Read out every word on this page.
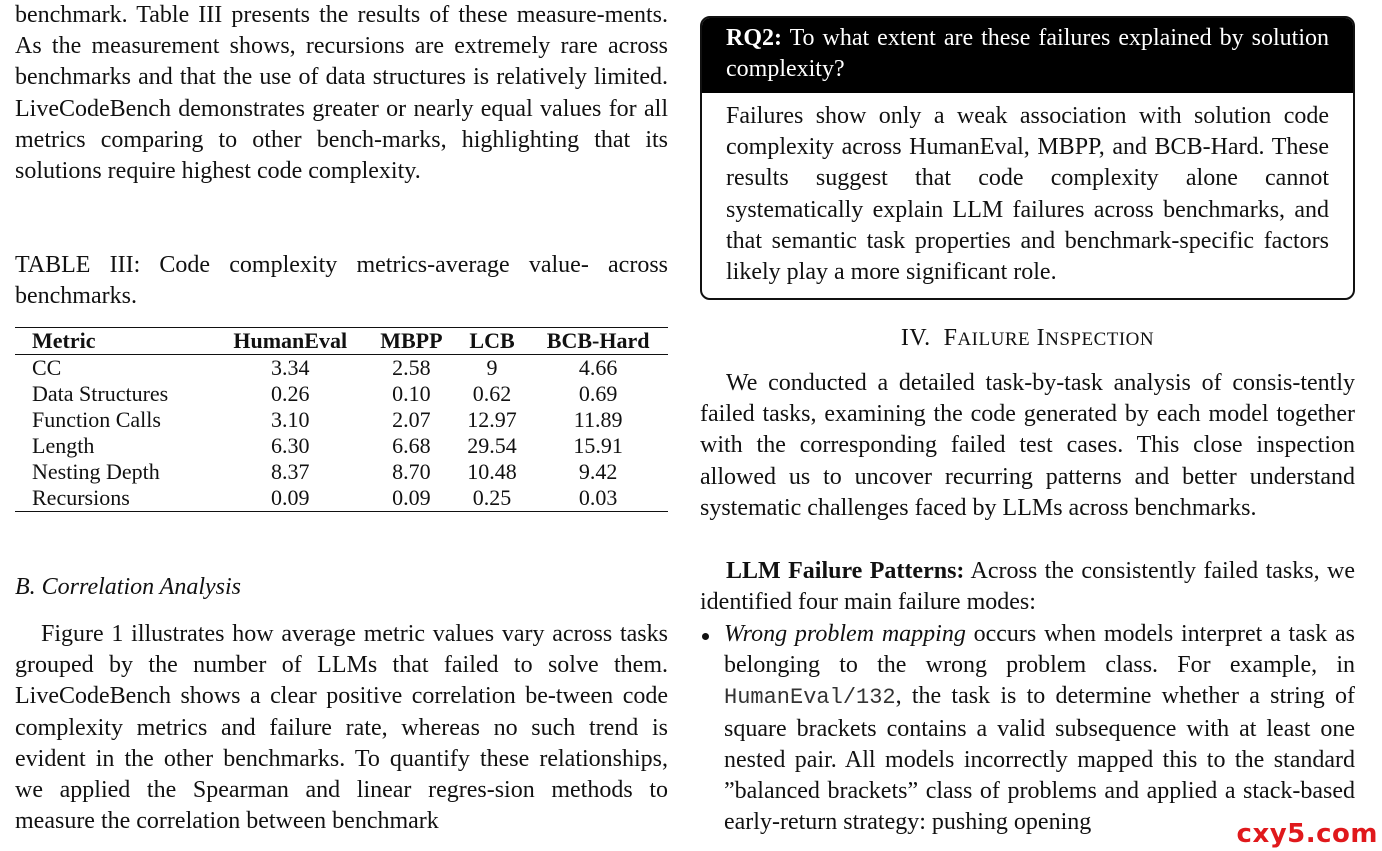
benchmark. Table III presents the results of these measure-ments. As the measurement shows, recursions are extremely rare across benchmarks and that the use of data structures is relatively limited. LiveCodeBench demonstrates greater or nearly equal values for all metrics comparing to other bench-marks, highlighting that its solutions require highest code complexity.

TABLE III: Code complexity metrics-average value- across benchmarks.

Metric	HumanEval	MBPP	LCB	BCB-Hard
CC	3.34	2.58	9	4.66
Data Structures	0.26	0.10	0.62	0.69
Function Calls	3.10	2.07	12.97	11.89
Length	6.30	6.68	29.54	15.91
Nesting Depth	8.37	8.70	10.48	9.42
Recursions	0.09	0.09	0.25	0.03
B. Correlation Analysis

Figure 1 illustrates how average metric values vary across tasks grouped by the number of LLMs that failed to solve them. LiveCodeBench shows a clear positive correlation be-tween code complexity metrics and failure rate, whereas no such trend is evident in the other benchmarks. To quantify these relationships, we applied the Spearman and linear regres-sion methods to measure the correlation between benchmark

RQ2: To what extent are these failures explained by solution complexity?

Failures show only a weak association with solution code complexity across HumanEval, MBPP, and BCB-Hard. These results suggest that code complexity alone cannot systematically explain LLM failures across benchmarks, and that semantic task properties and benchmark-specific factors likely play a more significant role.

IV. FAILURE INSPECTION

We conducted a detailed task-by-task analysis of consis-tently failed tasks, examining the code generated by each model together with the corresponding failed test cases. This close inspection allowed us to uncover recurring patterns and better understand systematic challenges faced by LLMs across benchmarks.

LLM Failure Patterns: Across the consistently failed tasks, we identified four main failure modes:

Wrong problem mapping occurs when models interpret a task as belonging to the wrong problem class. For example, in HumanEval/132, the task is to determine whether a string of square brackets contains a valid subsequence with at least one nested pair. All models incorrectly mapped this to the standard ”balanced brackets” class of problems and applied a stack-based early-return strategy: pushing opening	cxy5.com
